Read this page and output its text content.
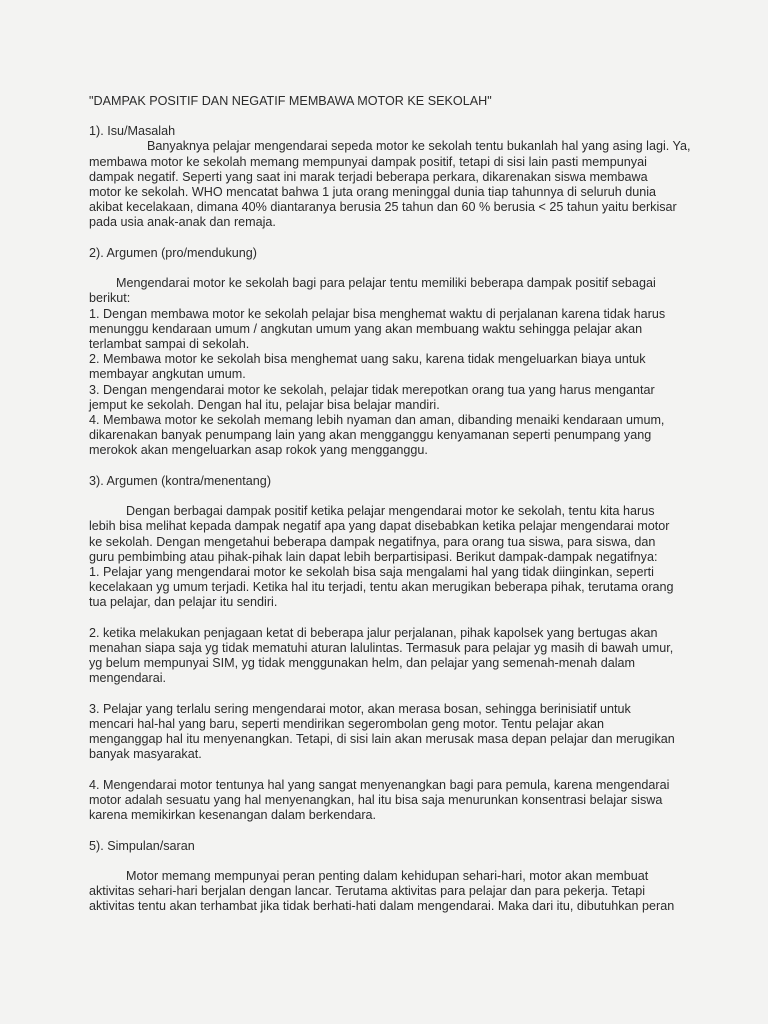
"DAMPAK POSITIF DAN NEGATIF MEMBAWA MOTOR KE SEKOLAH"
1). Isu/Masalah
Banyaknya pelajar mengendarai sepeda motor ke sekolah tentu bukanlah hal yang asing lagi. Ya,
membawa motor ke sekolah memang mempunyai dampak positif, tetapi di sisi lain pasti mempunyai
dampak negatif. Seperti yang saat ini marak terjadi beberapa perkara, dikarenakan siswa membawa
motor ke sekolah. WHO mencatat bahwa 1 juta orang meninggal dunia tiap tahunnya di seluruh dunia
akibat kecelakaan, dimana 40% diantaranya berusia 25 tahun dan 60 % berusia < 25 tahun yaitu berkisar
pada usia anak-anak dan remaja.
2). Argumen (pro/mendukung)
Mengendarai motor ke sekolah bagi para pelajar tentu memiliki beberapa dampak positif sebagai
berikut:
1. Dengan membawa motor ke sekolah pelajar bisa menghemat waktu di perjalanan karena tidak harus
menunggu kendaraan umum / angkutan umum yang akan membuang waktu sehingga pelajar akan
terlambat sampai di sekolah.
2. Membawa motor ke sekolah bisa menghemat uang saku, karena tidak mengeluarkan biaya untuk
membayar angkutan umum.
3. Dengan mengendarai motor ke sekolah, pelajar tidak merepotkan orang tua yang harus mengantar
jemput ke sekolah. Dengan hal itu, pelajar bisa belajar mandiri.
4. Membawa motor ke sekolah memang lebih nyaman dan aman, dibanding menaiki kendaraan umum,
dikarenakan banyak penumpang lain yang akan mengganggu kenyamanan seperti penumpang yang
merokok akan mengeluarkan asap rokok yang mengganggu.
3). Argumen (kontra/menentang)
Dengan berbagai dampak positif ketika pelajar mengendarai motor ke sekolah, tentu kita harus
lebih bisa melihat kepada dampak negatif apa yang dapat disebabkan ketika pelajar mengendarai motor
ke sekolah. Dengan mengetahui beberapa dampak negatifnya, para orang tua siswa, para siswa, dan
guru pembimbing atau pihak-pihak lain dapat lebih berpartisipasi. Berikut dampak-dampak negatifnya:
1. Pelajar yang mengendarai motor ke sekolah bisa saja mengalami hal yang tidak diinginkan, seperti
kecelakaan yg umum terjadi. Ketika hal itu terjadi, tentu akan merugikan beberapa pihak, terutama orang
tua pelajar, dan pelajar itu sendiri.
2. ketika melakukan penjagaan ketat di beberapa jalur perjalanan, pihak kapolsek yang bertugas akan
menahan siapa saja yg tidak mematuhi aturan lalulintas. Termasuk para pelajar yg masih di bawah umur,
yg belum mempunyai SIM, yg tidak menggunakan helm, dan pelajar yang semenah-menah dalam
mengendarai.
3. Pelajar yang terlalu sering mengendarai motor, akan merasa bosan, sehingga berinisiatif untuk
mencari hal-hal yang baru, seperti mendirikan segerombolan geng motor. Tentu pelajar akan
menganggap hal itu menyenangkan. Tetapi, di sisi lain akan merusak masa depan pelajar dan merugikan
banyak masyarakat.
4. Mengendarai motor tentunya hal yang sangat menyenangkan bagi para pemula, karena mengendarai
motor adalah sesuatu yang hal menyenangkan, hal itu bisa saja menurunkan konsentrasi belajar siswa
karena memikirkan kesenangan dalam berkendara.
5). Simpulan/saran
Motor memang mempunyai peran penting dalam kehidupan sehari-hari, motor akan membuat
aktivitas sehari-hari berjalan dengan lancar. Terutama aktivitas para pelajar dan para pekerja. Tetapi
aktivitas tentu akan terhambat jika tidak berhati-hati dalam mengendarai. Maka dari itu, dibutuhkan peran
